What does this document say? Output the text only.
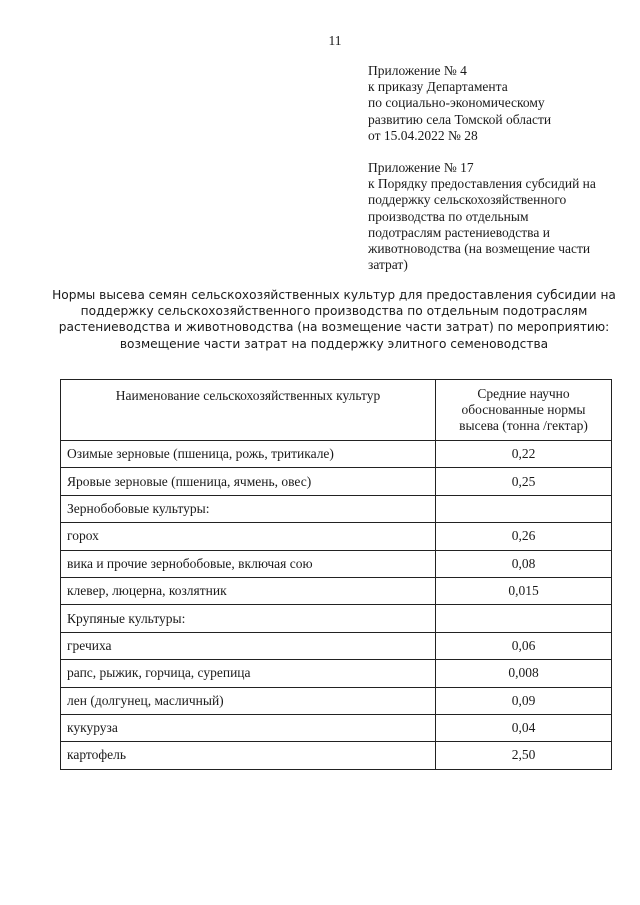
11
Приложение № 4
к приказу Департамента
по социально-экономическому
развитию села Томской области
от 15.04.2022 № 28
Приложение № 17
к Порядку предоставления субсидий на
поддержку сельскохозяйственного
производства по отдельным
подотраслям растениеводства и
животноводства (на возмещение части
затрат)
Нормы высева семян сельскохозяйственных культур для предоставления субсидии на
поддержку сельскохозяйственного производства по отдельным подотраслям
растениеводства и животноводства (на возмещение части затрат) по мероприятию:
возмещение части затрат на поддержку элитного семеноводства
Наименование сельскохозяйственных культур	Средние научно
обоснованные нормы
высева (тонна /гектар)

Озимые зерновые (пшеница, рожь, тритикале)	0,22
Яровые зерновые (пшеница, ячмень, овес)	0,25
Зернобобовые культуры:	
горох	0,26
вика и прочие зернобобовые, включая сою	0,08
клевер, люцерна, козлятник	0,015
Крупяные культуры:	
гречиха	0,06
рапс, рыжик, горчица, сурепица	0,008
лен (долгунец, масличный)	0,09
кукуруза	0,04
картофель	2,50
